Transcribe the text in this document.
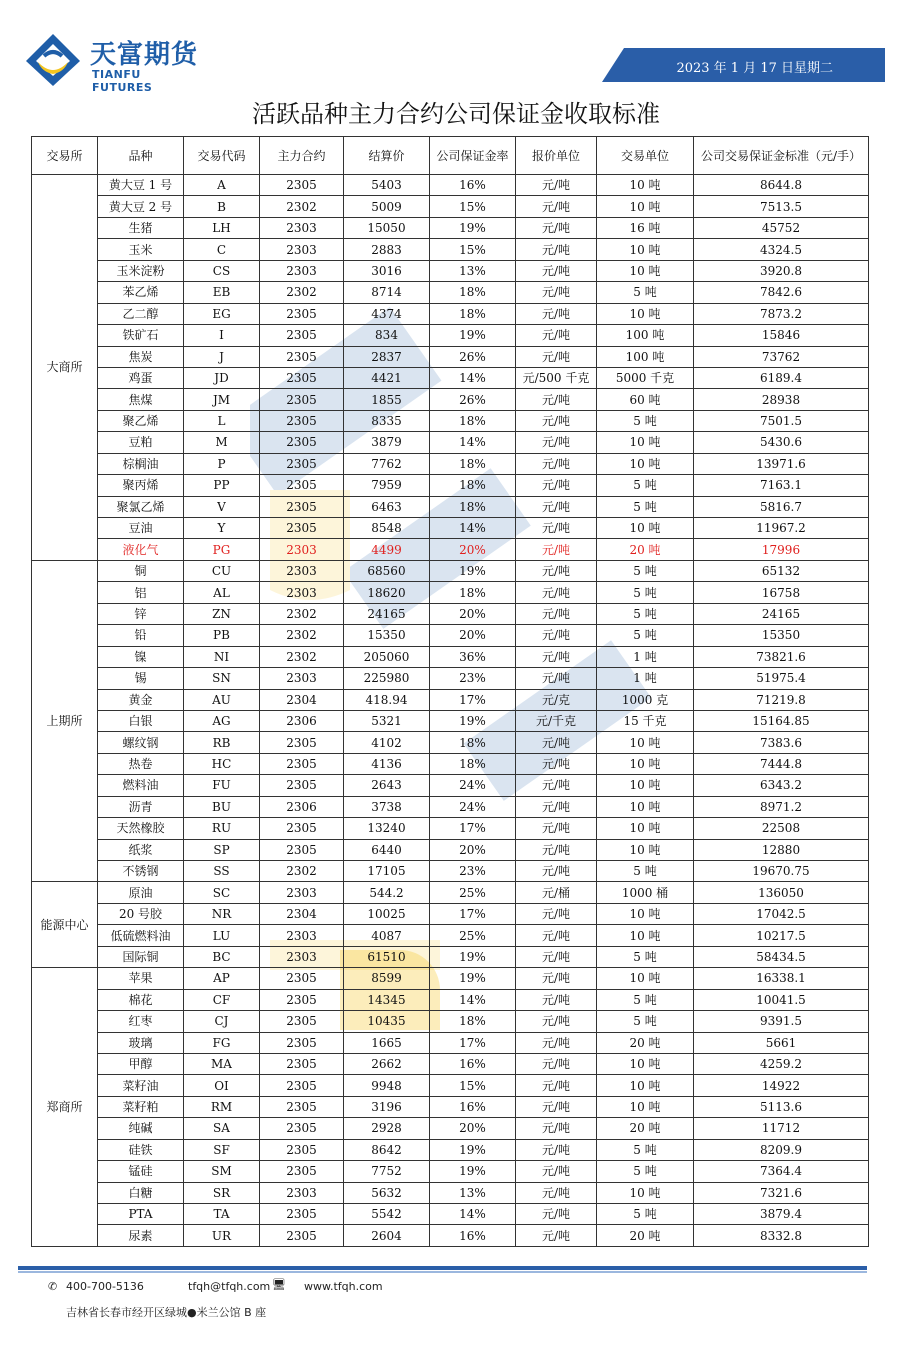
天富期货
TIANFU FUTURES
2023 年 1 月 17 日星期二
活跃品种主力合约公司保证金收取标准
交易所	品种	交易代码	主力合约	结算价	公司保证金率	报价单位	交易单位	公司交易保证金标准（元/手）
大商所	黄大豆 1 号	A	2305	5403	16%	元/吨	10 吨	8644.8
	黄大豆 2 号	B	2302	5009	15%	元/吨	10 吨	7513.5
	生猪	LH	2303	15050	19%	元/吨	16 吨	45752
	玉米	C	2303	2883	15%	元/吨	10 吨	4324.5
	玉米淀粉	CS	2303	3016	13%	元/吨	10 吨	3920.8
	苯乙烯	EB	2302	8714	18%	元/吨	5 吨	7842.6
	乙二醇	EG	2305	4374	18%	元/吨	10 吨	7873.2
	铁矿石	I	2305	834	19%	元/吨	100 吨	15846
	焦炭	J	2305	2837	26%	元/吨	100 吨	73762
	鸡蛋	JD	2305	4421	14%	元/500 千克	5000 千克	6189.4
	焦煤	JM	2305	1855	26%	元/吨	60 吨	28938
	聚乙烯	L	2305	8335	18%	元/吨	5 吨	7501.5
	豆粕	M	2305	3879	14%	元/吨	10 吨	5430.6
	棕榈油	P	2305	7762	18%	元/吨	10 吨	13971.6
	聚丙烯	PP	2305	7959	18%	元/吨	5 吨	7163.1
	聚氯乙烯	V	2305	6463	18%	元/吨	5 吨	5816.7
	豆油	Y	2305	8548	14%	元/吨	10 吨	11967.2
	液化气	PG	2303	4499	20%	元/吨	20 吨	17996
上期所	铜	CU	2303	68560	19%	元/吨	5 吨	65132
	铝	AL	2303	18620	18%	元/吨	5 吨	16758
	锌	ZN	2302	24165	20%	元/吨	5 吨	24165
	铅	PB	2302	15350	20%	元/吨	5 吨	15350
	镍	NI	2302	205060	36%	元/吨	1 吨	73821.6
	锡	SN	2303	225980	23%	元/吨	1 吨	51975.4
	黄金	AU	2304	418.94	17%	元/克	1000 克	71219.8
	白银	AG	2306	5321	19%	元/千克	15 千克	15164.85
	螺纹钢	RB	2305	4102	18%	元/吨	10 吨	7383.6
	热卷	HC	2305	4136	18%	元/吨	10 吨	7444.8
	燃料油	FU	2305	2643	24%	元/吨	10 吨	6343.2
	沥青	BU	2306	3738	24%	元/吨	10 吨	8971.2
	天然橡胶	RU	2305	13240	17%	元/吨	10 吨	22508
	纸浆	SP	2305	6440	20%	元/吨	10 吨	12880
	不锈钢	SS	2302	17105	23%	元/吨	5 吨	19670.75
能源中心	原油	SC	2303	544.2	25%	元/桶	1000 桶	136050
	20 号胶	NR	2304	10025	17%	元/吨	10 吨	17042.5
	低硫燃料油	LU	2303	4087	25%	元/吨	10 吨	10217.5
	国际铜	BC	2303	61510	19%	元/吨	5 吨	58434.5
郑商所	苹果	AP	2305	8599	19%	元/吨	10 吨	16338.1
	棉花	CF	2305	14345	14%	元/吨	5 吨	10041.5
	红枣	CJ	2305	10435	18%	元/吨	5 吨	9391.5
	玻璃	FG	2305	1665	17%	元/吨	20 吨	5661
	甲醇	MA	2305	2662	16%	元/吨	10 吨	4259.2
	菜籽油	OI	2305	9948	15%	元/吨	10 吨	14922
	菜籽粕	RM	2305	3196	16%	元/吨	10 吨	5113.6
	纯碱	SA	2305	2928	20%	元/吨	20 吨	11712
	硅铁	SF	2305	8642	19%	元/吨	5 吨	8209.9
	锰硅	SM	2305	7752	19%	元/吨	5 吨	7364.4
	白糖	SR	2303	5632	13%	元/吨	10 吨	7321.6
	PTA	TA	2305	5542	14%	元/吨	5 吨	3879.4
	尿素	UR	2305	2604	16%	元/吨	20 吨	8332.8
✆ 400-700-5136	tfqh@tfqh.com 🖥 www.tfqh.com
吉林省长春市经开区绿城●米兰公馆 B 座
